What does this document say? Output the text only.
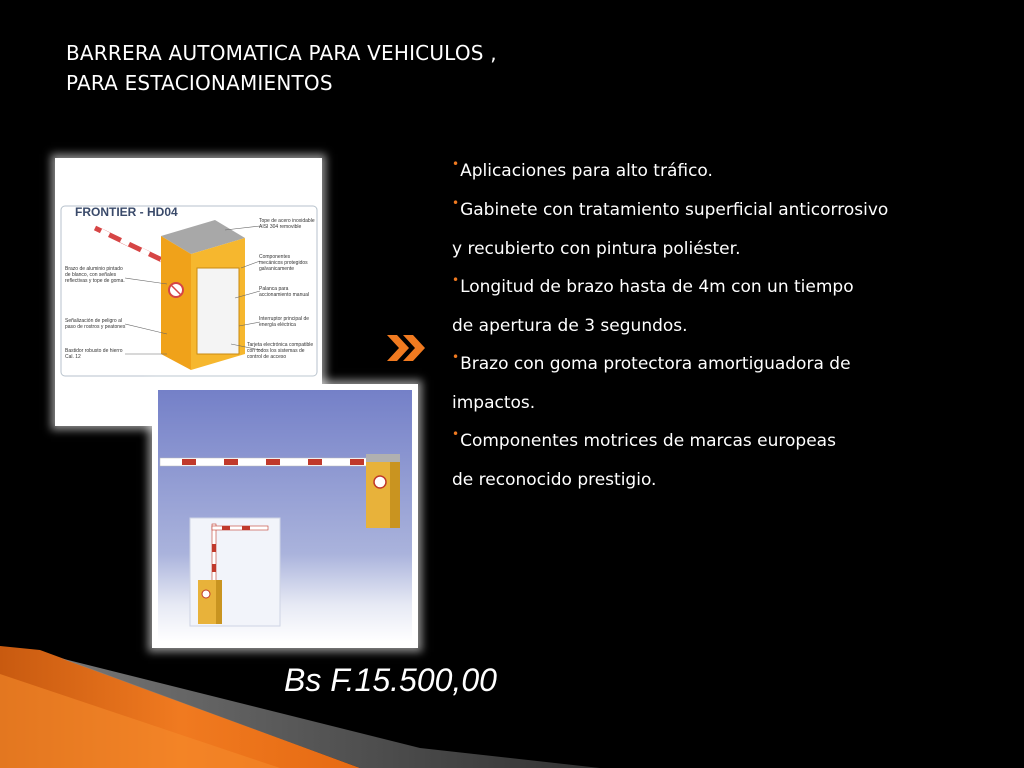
BARRERA AUTOMATICA PARA VEHICULOS ,
PARA ESTACIONAMIENTOS
FRONTIER - HD04
Tope de acero inoxidable AISI 304 removible
Componentes mecánicos protegidos galvanicamente
Palanca para accionamiento manual
Interruptor principal de energía eléctrica
Tarjeta electrónica compatible con todos los sistemas de control de acceso
Brazo de aluminio pintado de blanco, con señales reflectivas y tope de goma.
Señalización de peligro al paso de rostros y peatones
Bastidor robusto de hierro Cal. 12
•Aplicaciones para alto tráfico.
•Gabinete con tratamiento superficial anticorrosivo
y recubierto con pintura poliéster.
•Longitud de brazo hasta de 4m con un tiempo
de apertura de 3 segundos.
•Brazo con goma protectora amortiguadora de
impactos.
•Componentes motrices de marcas europeas
de reconocido prestigio.
Bs F.15.500,00
